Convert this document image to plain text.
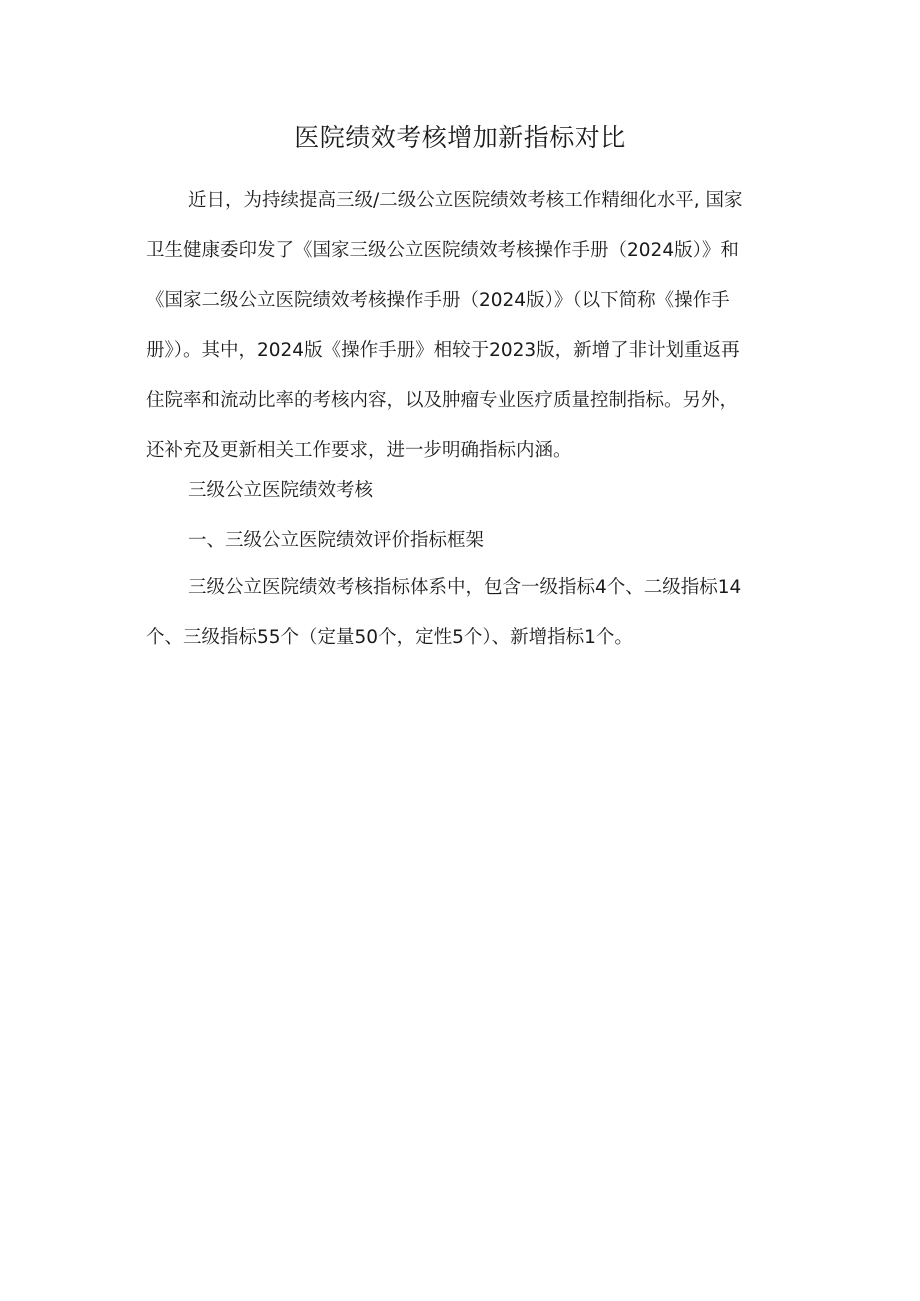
医院绩效考核增加新指标对比
近日，为持续提高三级/二级公立医院绩效考核工作精细化水平, 国家
卫生健康委印发了《国家三级公立医院绩效考核操作手册（2024版）》和
《国家二级公立医院绩效考核操作手册（2024版）》（以下简称《操作手
册》）。其中，2024版《操作手册》相较于2023版，新增了非计划重返再
住院率和流动比率的考核内容，以及肿瘤专业医疗质量控制指标。另外，
还补充及更新相关工作要求，进一步明确指标内涵。
三级公立医院绩效考核
一、三级公立医院绩效评价指标框架
三级公立医院绩效考核指标体系中，包含一级指标4个、二级指标14
个、三级指标55个（定量50个，定性5个）、新增指标1个。
